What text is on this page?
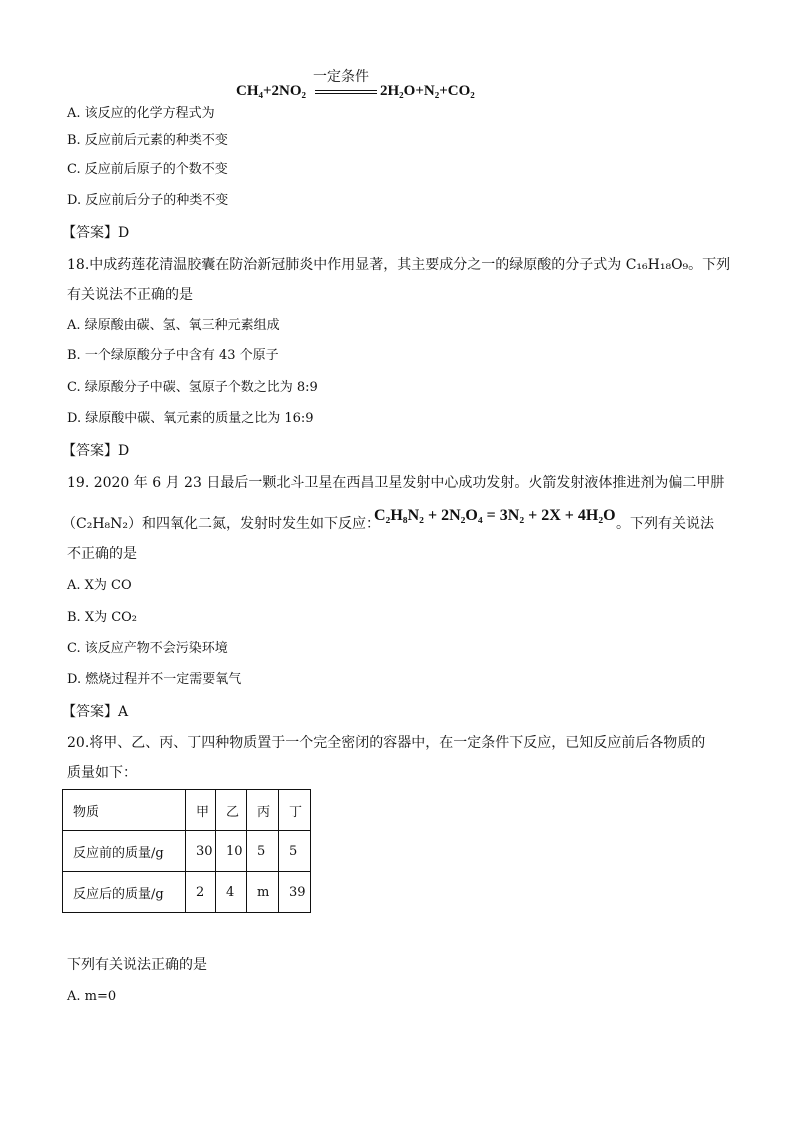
一定条件
CH₄+2NO₂	2H₂O+N₂+CO₂
A. 该反应的化学方程式为
B. 反应前后元素的种类不变
C. 反应前后原子的个数不变
D. 反应前后分子的种类不变
【答案】D
18.中成药莲花清温胶囊在防治新冠肺炎中作用显著，其主要成分之一的绿原酸的分子式为 C₁₆H₁₈O₉。下列
有关说法不正确的是
A. 绿原酸由碳、氢、氧三种元素组成
B. 一个绿原酸分子中含有 43 个原子
C. 绿原酸分子中碳、氢原子个数之比为 8:9
D. 绿原酸中碳、氧元素的质量之比为 16:9
【答案】D
19. 2020 年 6 月 23 日最后一颗北斗卫星在西昌卫星发射中心成功发射。火箭发射液体推进剂为偏二甲肼
（C₂H₈N₂）和四氧化二氮，发射时发生如下反应：
C₂H₈N₂ + 2N₂O₄ = 3N₂ + 2X + 4H₂O 。下列有关说法
不正确的是
A. X为 CO
B. X为 CO₂
C. 该反应产物不会污染环境
D. 燃烧过程并不一定需要氧气
【答案】A
20.将甲、乙、丙、丁四种物质置于一个完全密闭的容器中，在一定条件下反应，已知反应前后各物质的
质量如下：
物质	甲	乙	丙	丁
反应前的质量/g	30	10	5	5
反应后的质量/g	2	4	m	39
下列有关说法正确的是
A. m=0
